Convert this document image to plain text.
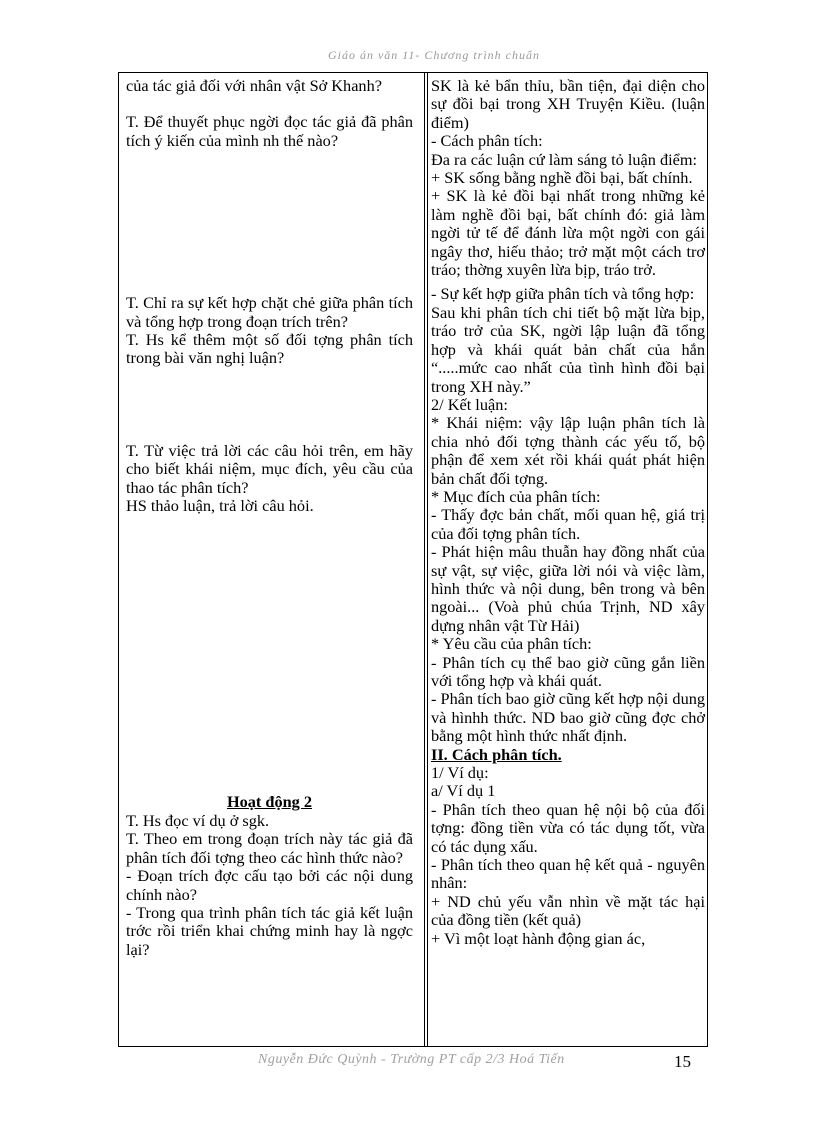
Giáo án văn 11- Chương trình chuẩn

của tác giả đối với nhân vật Sở Khanh?

T. Để thuyết phục ngời đọc tác giả đã phân tích ý kiến của mình nh thế nào?

T. Chỉ ra sự kết hợp chặt chẻ giữa phân tích và tổng hợp trong đoạn trích trên?

T. Hs kể thêm một số đối tợng phân tích trong bài văn nghị luận?

T. Từ việc trả lời các câu hỏi trên, em hãy cho biết khái niệm, mục đích, yêu cầu của thao tác phân tích?

HS thảo luận, trả lời câu hỏi.

Hoạt động 2

T. Hs đọc ví dụ ở sgk.

T. Theo em trong đoạn trích này tác giả đã phân tích đối tợng theo các hình thức nào?

- Đoạn trích đợc cấu tạo bởi các nội dung chính nào?

- Trong qua trình phân tích tác giả kết luận trớc rồi triển khai chứng minh hay là ngợc lại?

SK là kẻ bẩn thỉu, bần tiện, đại diện cho sự đồi bại trong XH Truyện Kiều. (luận điểm)

- Cách phân tích:

Đa ra các luận cứ làm sáng tỏ luận điểm:

+ SK sống bằng nghề đồi bại, bất chính.

+ SK là kẻ đồi bại nhất trong những kẻ làm nghề đồi bại, bất chính đó: giả làm ngời tử tế để đánh lừa một ngời con gái ngây thơ, hiếu thảo; trở mặt một cách trơ tráo; thờng xuyên lừa bịp, tráo trở.

- Sự kết hợp giữa phân tích và tổng hợp:

Sau khi phân tích chi tiết bộ mặt lừa bịp, tráo trở của SK, ngời lập luận đã tổng hợp và khái quát bản chất của hắn “.....mức cao nhất của tình hình đồi bại trong XH này.”

2/ Kết luận:

* Khái niệm: vậy lập luận phân tích là chia nhỏ đối tợng thành các yếu tố, bộ phận để xem xét rồi khái quát phát hiện bản chất đối tợng.

* Mục đích của phân tích:

- Thấy đợc bản chất, mối quan hệ, giá trị của đối tợng phân tích.

- Phát hiện mâu thuẫn hay đồng nhất của sự vật, sự việc, giữa lời nói và việc làm, hình thức và nội dung, bên trong và bên ngoài... (Voà phủ chúa Trịnh, ND xây dựng nhân vật Từ Hải)

* Yêu cầu của phân tích:

- Phân tích cụ thể bao giờ cũng gắn liền với tổng hợp và khái quát.

- Phân tích bao giờ cũng kết hợp nội dung và hìnhh thức. ND bao giờ cũng đợc chở bằng một hình thức nhất định.

II. Cách phân tích.

1/ Ví dụ:

a/ Ví dụ 1

- Phân tích theo quan hệ nội bộ của đối tợng: đồng tiền vừa có tác dụng tốt, vừa có tác dụng xấu.

- Phân tích theo quan hệ kết quả - nguyên nhân:

+ ND chủ yếu vẫn nhìn về mặt tác hại của đồng tiền (kết quả)

+ Vì một loạt hành động gian ác,

Nguyễn Đức Quỳnh - Trường PT cấp 2/3 Hoá Tiến	15
